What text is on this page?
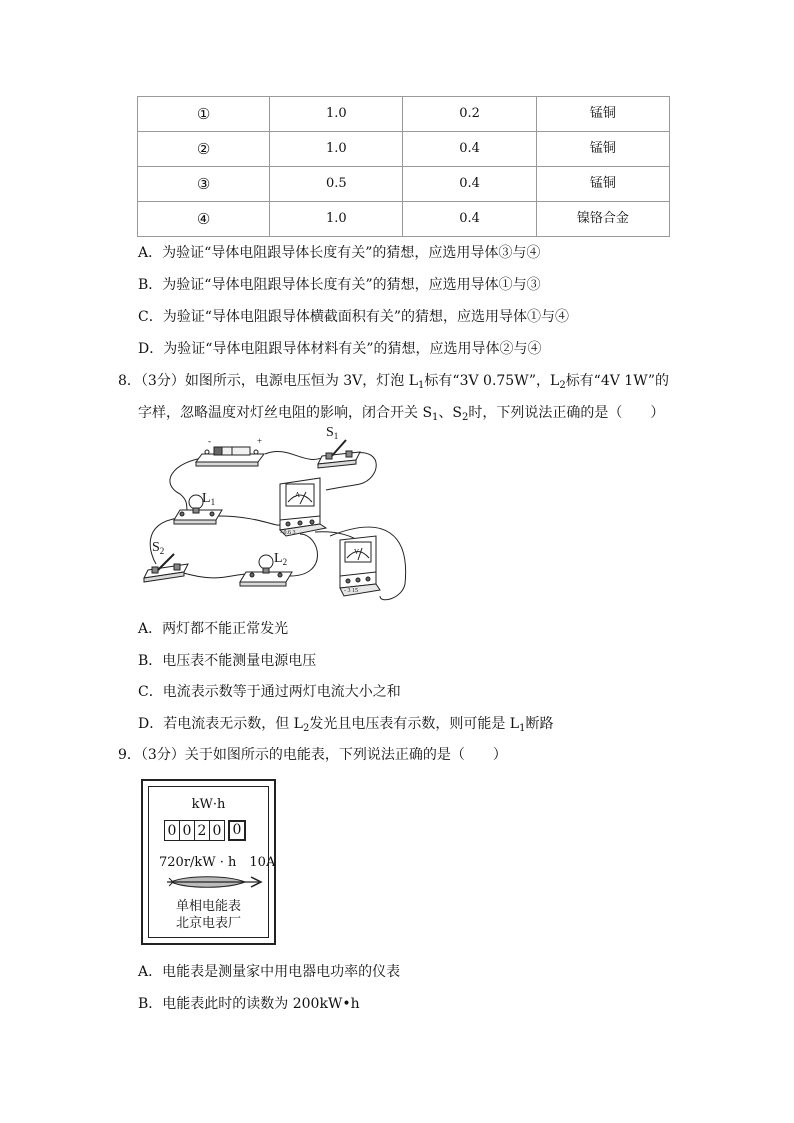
①	1.0	0.2	锰铜
②	1.0	0.4	锰铜
③	0.5	0.4	锰铜
④	1.0	0.4	镍铬合金
A．为验证“导体电阻跟导体长度有关”的猜想，应选用导体③与④
B．为验证“导体电阻跟导体长度有关”的猜想，应选用导体①与③
C．为验证“导体电阻跟导体横截面积有关”的猜想，应选用导体①与④
D．为验证“导体电阻跟导体材料有关”的猜想，应选用导体②与④
8．（3分）如图所示，电源电压恒为 3V，灯泡 $L_1$标有“3V 0.75W”，$L_2$标有“4V 1W”的
字样，忽略温度对灯丝电阻的影响，闭合开关 $S_1$、$S_2$时，下列说法正确的是（　　）
-	+
$S_1$
$L_1$
A
- 0.6 3
$S_2$	$L_2$
V
- 3 15
A．两灯都不能正常发光
B．电压表不能测量电源电压
C．电流表示数等于通过两灯电流大小之和
D．若电流表无示数，但 $L_2$发光且电压表有示数，则可能是 $L_1$断路
9．（3分）关于如图所示的电能表，下列说法正确的是（　　）
kW·h
0 0 2 0 0
720r/kW · h　10A
单相电能表
北京电表厂
A．电能表是测量家中用电器电功率的仪表
B．电能表此时的读数为 200kW•h
